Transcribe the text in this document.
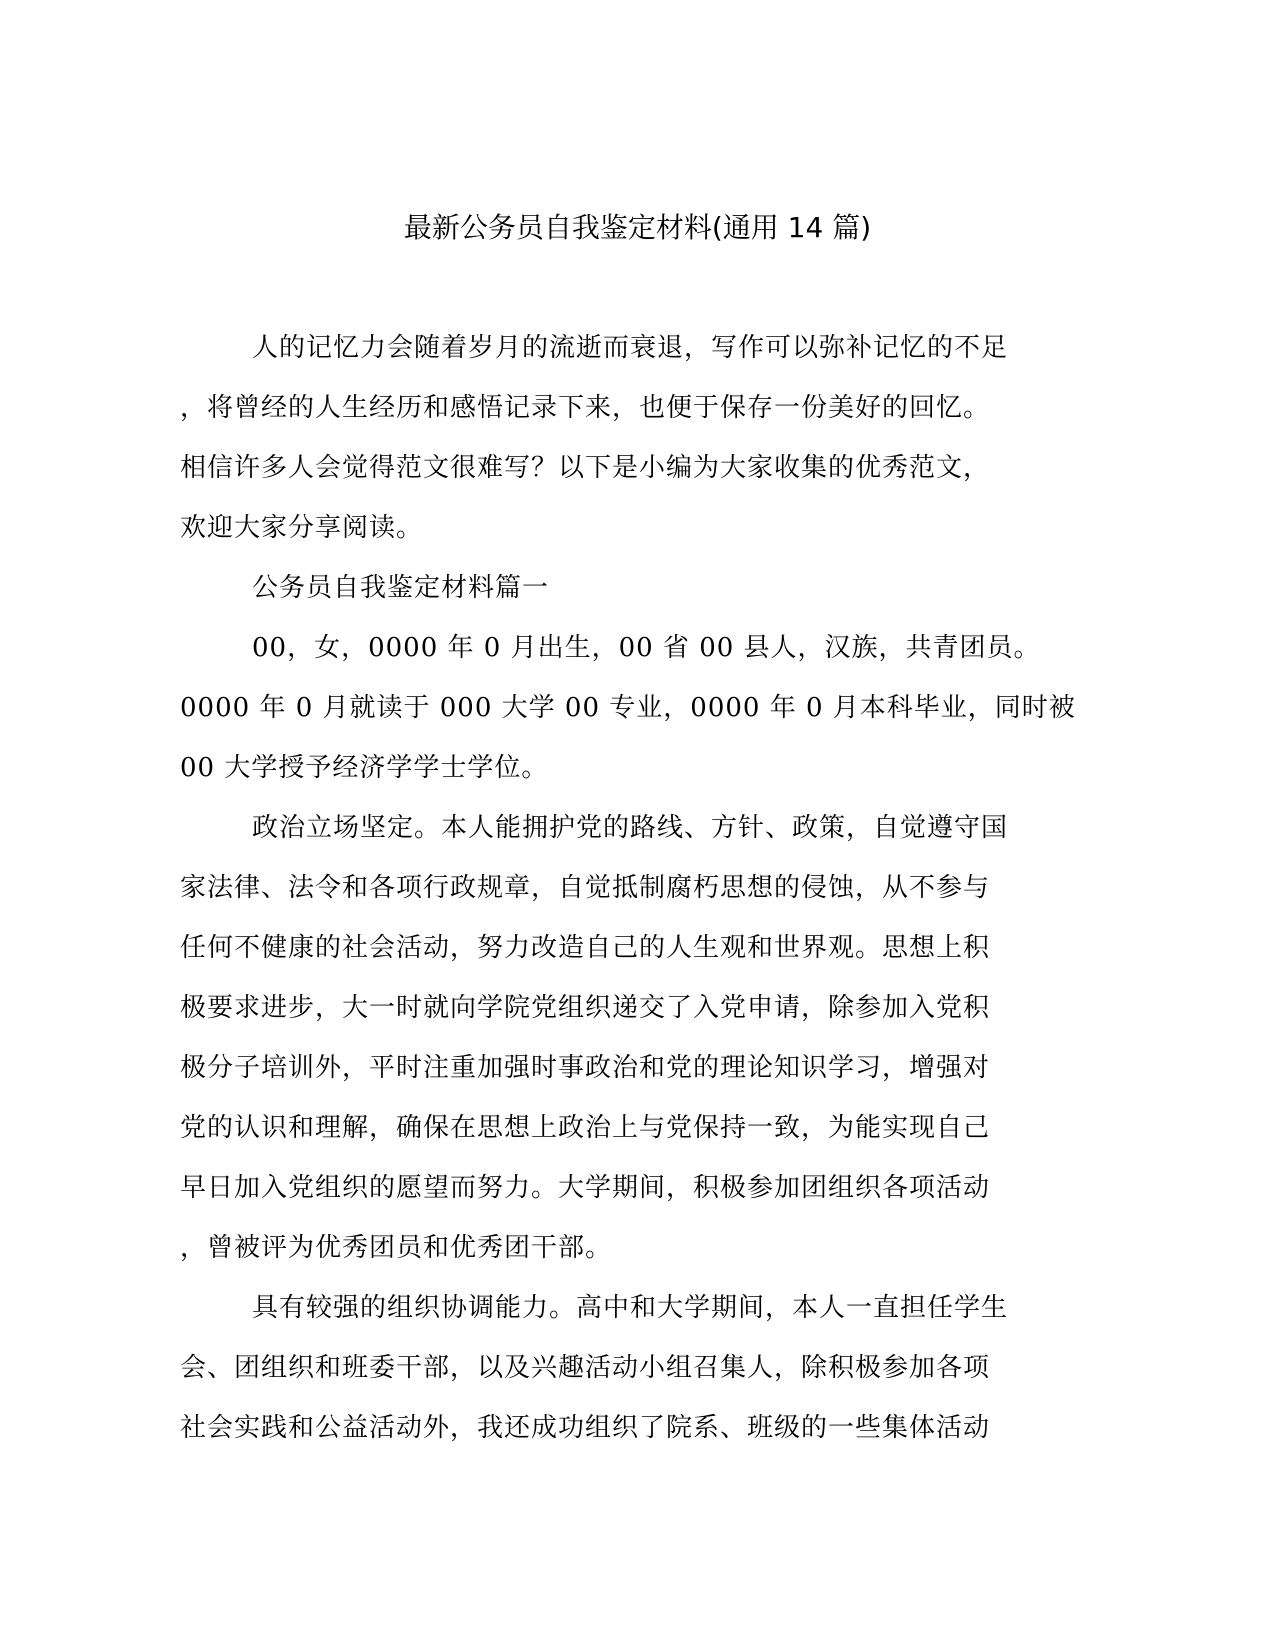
最新公务员自我鉴定材料(通用 14 篇)
人的记忆力会随着岁月的流逝而衰退，写作可以弥补记忆的不足
，将曾经的人生经历和感悟记录下来，也便于保存一份美好的回忆。
相信许多人会觉得范文很难写？以下是小编为大家收集的优秀范文，
欢迎大家分享阅读。
公务员自我鉴定材料篇一
00，女，0000 年 0 月出生，00 省 00 县人，汉族，共青团员。
0000 年 0 月就读于 000 大学 00 专业，0000 年 0 月本科毕业，同时被
00 大学授予经济学学士学位。
政治立场坚定。本人能拥护党的路线、方针、政策，自觉遵守国
家法律、法令和各项行政规章，自觉抵制腐朽思想的侵蚀，从不参与
任何不健康的社会活动，努力改造自己的人生观和世界观。思想上积
极要求进步，大一时就向学院党组织递交了入党申请，除参加入党积
极分子培训外，平时注重加强时事政治和党的理论知识学习，增强对
党的认识和理解，确保在思想上政治上与党保持一致，为能实现自己
早日加入党组织的愿望而努力。大学期间，积极参加团组织各项活动
，曾被评为优秀团员和优秀团干部。
具有较强的组织协调能力。高中和大学期间，本人一直担任学生
会、团组织和班委干部，以及兴趣活动小组召集人，除积极参加各项
社会实践和公益活动外，我还成功组织了院系、班级的一些集体活动
